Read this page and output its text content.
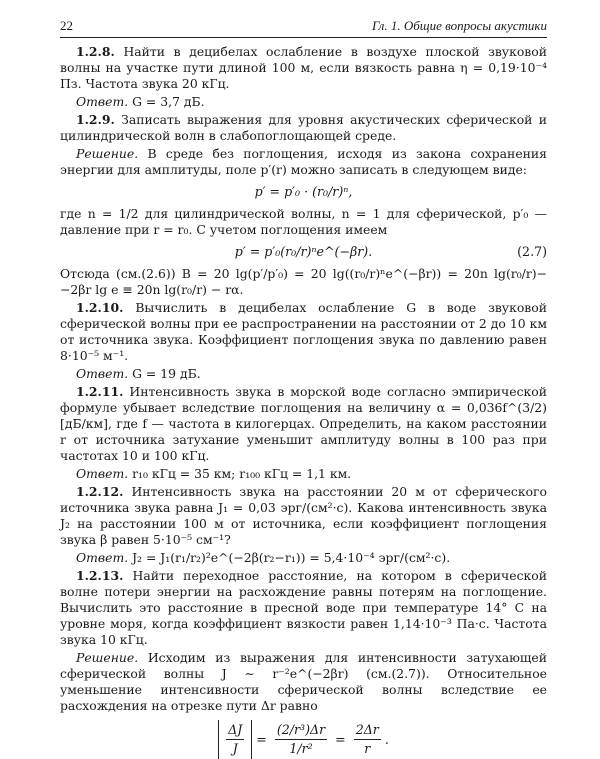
22	Гл. 1. Общие вопросы акустики

1.2.8. Найти в децибелах ослабление в воздухе плоской звуковой волны на участке пути длиной 100 м, если вязкость равна η = 0,19·10⁻⁴ Пз. Частота звука 20 кГц.

Ответ. G = 3,7 дБ.

1.2.9. Записать выражения для уровня акустических сферической и цилиндрической волн в слабопоглощающей среде.

Решение. В среде без поглощения, исходя из закона сохранения энергии для амплитуды, поле p′(r) можно записать в следующем виде:

p′ = p′₀ · (r₀/r)ⁿ,

где n = 1/2 для цилиндрической волны, n = 1 для сферической, p′₀ — давление при r = r₀. С учетом поглощения имеем

p′ = p′₀(r₀/r)ⁿe^(−βr).	(2.7)

Отсюда (см.(2.6)) B = 20 lg(p′/p′₀) = 20 lg((r₀/r)ⁿe^(−βr)) = 20n lg(r₀/r)− −2βr lg e ≡ 20n lg(r₀/r) − rα.

1.2.10. Вычислить в децибелах ослабление G в воде звуковой сферической волны при ее распространении на расстоянии от 2 до 10 км от источника звука. Коэффициент поглощения звука по давлению равен 8·10⁻⁵ м⁻¹.

Ответ. G = 19 дБ.

1.2.11. Интенсивность звука в морской воде согласно эмпирической формуле убывает вследствие поглощения на величину α = 0,036f^(3/2) [дБ/км], где f — частота в килогерцах. Определить, на каком расстоянии r от источника затухание уменьшит амплитуду волны в 100 раз при частотах 10 и 100 кГц.

Ответ. r₁₀ кГц = 35 км; r₁₀₀ кГц = 1,1 км.

1.2.12. Интенсивность звука на расстоянии 20 м от сферического источника звука равна J₁ = 0,03 эрг/(см²·с). Какова интенсивность звука J₂ на расстоянии 100 м от источника, если коэффициент поглощения звука β равен 5·10⁻⁵ см⁻¹?

Ответ. J₂ = J₁(r₁/r₂)²e^(−2β(r₂−r₁)) = 5,4·10⁻⁴ эрг/(см²·с).

1.2.13. Найти переходное расстояние, на котором в сферической волне потери энергии на расхождение равны потерям на поглощение. Вычислить это расстояние в пресной воде при температуре 14° C на уровне моря, когда коэффициент вязкости равен 1,14·10⁻³ Па·с. Частота звука 10 кГц.

Решение. Исходим из выражения для интенсивности затухающей сферической волны J ∼ r⁻²e^(−2βr) (см.(2.7)). Относительное уменьшение интенсивности сферической волны вследствие ее расхождения на отрезке пути Δr равно

$\frac{\Delta J}{J} = \frac{\text{(2/r³)Δr}}{\text{1/r²}} = \frac{2\Delta r}{r}$ .
